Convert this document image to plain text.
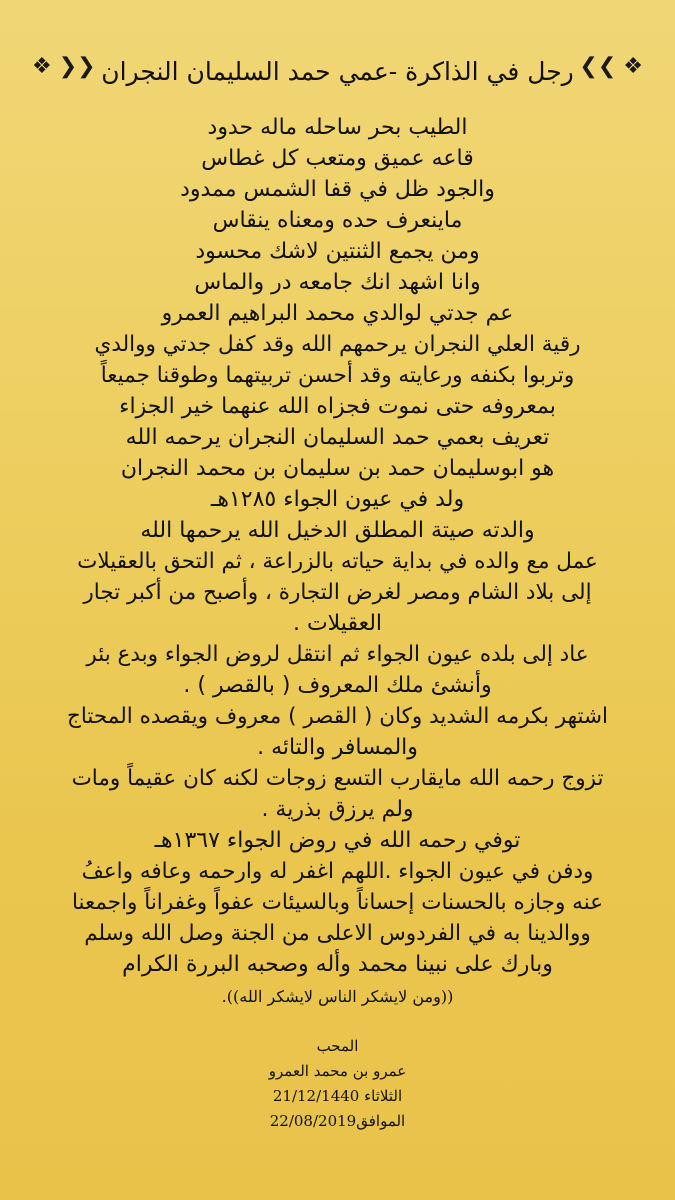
❖ ❯❯ رجل في الذاكرة -عمي حمد السليمان النجران ❮❮ ❖

الطيب بحر ساحله ماله حدود

قاعه عميق ومتعب كل غطاس

والجود ظل في قفا الشمس ممدود

ماينعرف حده ومعناه ينقاس

ومن يجمع الثنتين لاشك محسود

وانا اشهد انك جامعه در والماس

عم جدتي لوالدي محمد البراهيم العمرو

رقية العلي النجران يرحمهم الله وقد كفل جدتي ووالدي

وتربوا بكنفه ورعايته وقد أحسن تربيتهما وطوقنا جميعاً

بمعروفه حتى نموت فجزاه الله عنهما خير الجزاء

تعريف بعمي حمد السليمان النجران يرحمه الله

هو ابوسليمان حمد بن سليمان بن محمد النجران

ولد في عيون الجواء ١٢٨٥هـ

والدته صيتة المطلق الدخيل الله يرحمها الله

عمل مع والده في بداية حياته بالزراعة ، ثم التحق بالعقيلات

إلى بلاد الشام ومصر لغرض التجارة ، وأصبح من أكبر تجار

العقيلات .

عاد إلى بلده عيون الجواء ثم انتقل لروض الجواء وبدع بئر

وأنشئ ملك المعروف ( بالقصر ) .

اشتهر بكرمه الشديد وكان ( القصر ) معروف ويقصده المحتاج

والمسافر والتائه .

تزوج رحمه الله مايقارب التسع زوجات لكنه كان عقيماً ومات

ولم يرزق بذرية .

توفي رحمه الله في روض الجواء ١٣٦٧هـ

ودفن في عيون الجواء .اللهم اغفر له وارحمه وعافه واعفُ

عنه وجازه بالحسنات إحساناً وبالسيئات عفواً وغفراناً واجمعنا

ووالدينا به في الفردوس الاعلى من الجنة وصل الله وسلم

وبارك على نبينا محمد وأله وصحبه البررة الكرام

((ومن لايشكر الناس لايشكر الله)).
المحب
عمرو بن محمد العمرو
الثلاثاء 21/12/1440
الموافق22/08/2019
